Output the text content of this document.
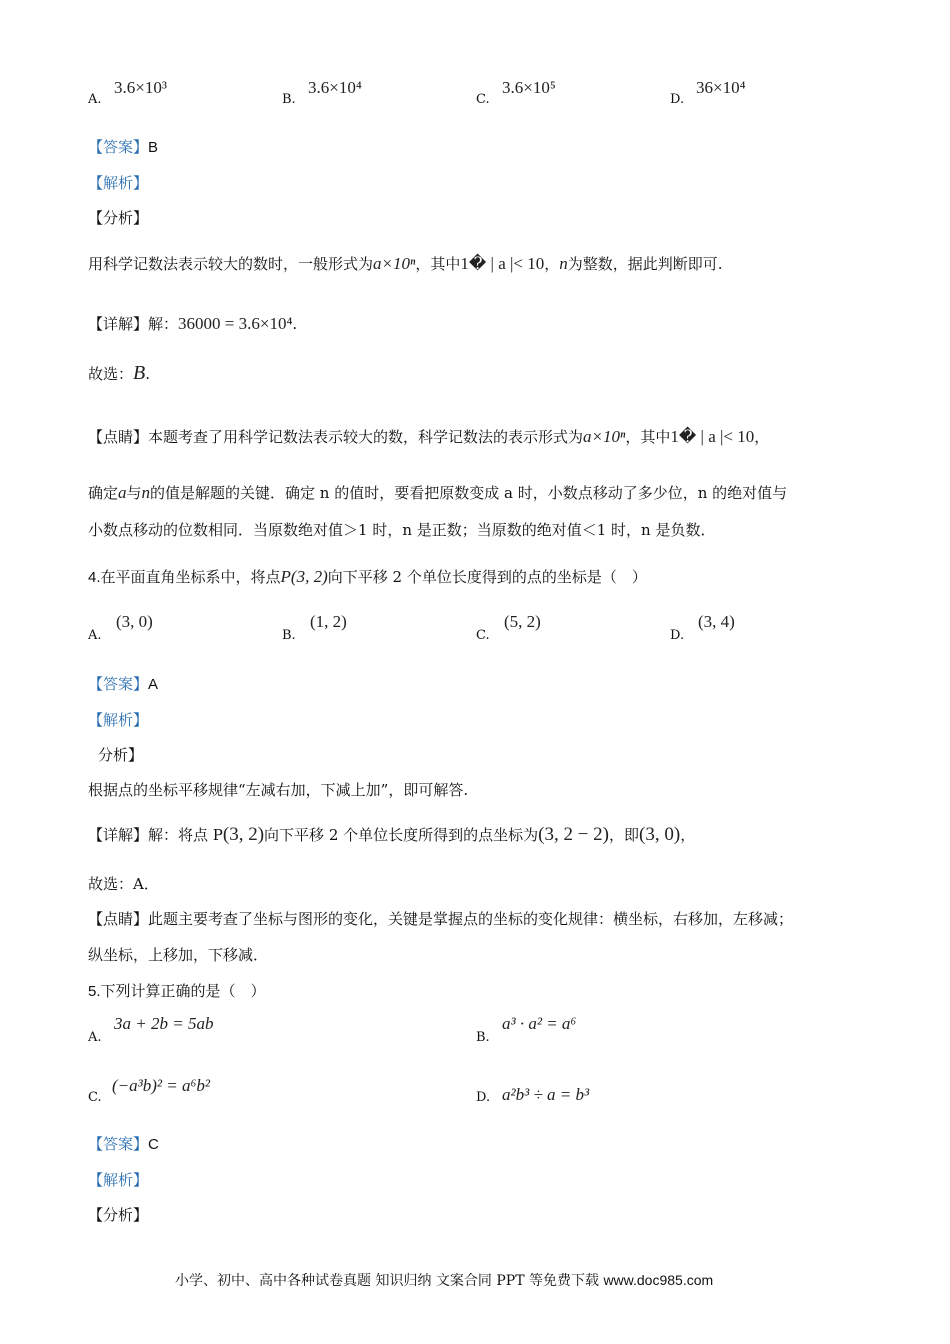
A.
3.6×10³
B.
3.6×10⁴
C.
3.6×10⁵
D.
36×10⁴
【答案】B
【解析】
【分析】
用科学记数法表示较大的数时，一般形式为a×10ⁿ，其中1� | a |< 10，n为整数，据此判断即可.
【详解】解：36000 = 3.6×10⁴.
故选：B.
【点睛】本题考查了用科学记数法表示较大的数，科学记数法的表示形式为a×10ⁿ，其中1� | a |< 10，
确定a与n的值是解题的关键．确定 n 的值时，要看把原数变成 a 时，小数点移动了多少位，n 的绝对值与
小数点移动的位数相同．当原数绝对值＞1 时，n 是正数；当原数的绝对值＜1 时，n 是负数．
4.在平面直角坐标系中，将点P(3, 2)向下平移 2 个单位长度得到的点的坐标是（　）
A.
(3, 0)
B.
(1, 2)
C.
(5, 2)
D.
(3, 4)
【答案】A
【解析】
分析】
根据点的坐标平移规律“左减右加，下减上加”，即可解答.
【详解】解：将点 P(3, 2)向下平移 2 个单位长度所得到的点坐标为(3, 2 − 2)，即(3, 0)，
故选：A．
【点睛】此题主要考查了坐标与图形的变化，关键是掌握点的坐标的变化规律：横坐标，右移加，左移减；
纵坐标，上移加，下移减．
5.下列计算正确的是（　）
A.
3a + 2b = 5ab
B.
a³ · a² = a⁶
C.
(−a³b)² = a⁶b²
D. a²b³ ÷ a = b³
【答案】C
【解析】
【分析】
小学、初中、高中各种试卷真题 知识归纳 文案合同 PPT 等免费下载 www.doc985.com
